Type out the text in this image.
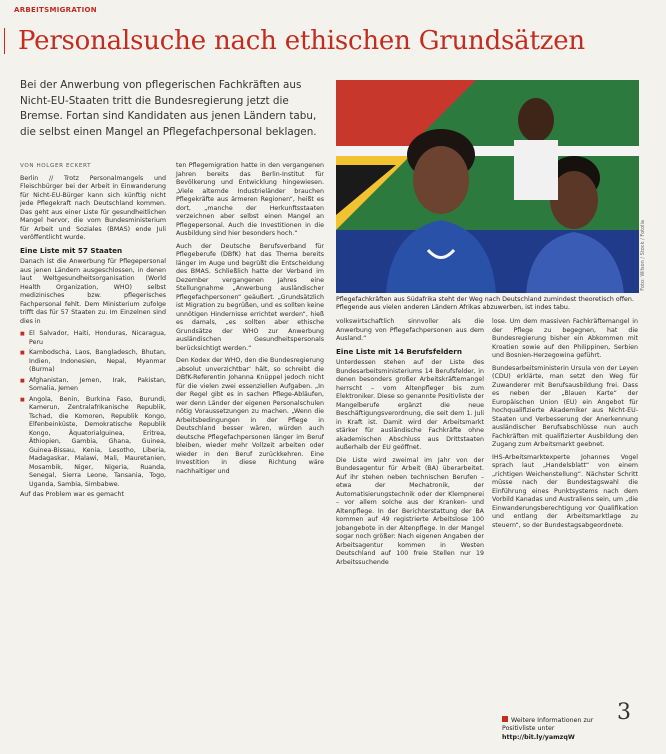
ARBEITSMIGRATION
Personalsuche nach ethischen Grundsätzen
Bei der Anwerbung von pflegerischen Fachkräften aus Nicht-EU-Staaten tritt die Bundesregierung jetzt die Bremse. Fortan sind Kandidaten aus jenen Ländern tabu, die selbst einen Mangel an Pflegefachpersonal beklagen.
Foto: Wilson / Stock / Fotolia
Pflegefachkräften aus Südafrika steht der Weg nach Deutschland zumindest theoretisch offen. Pflegende aus vielen anderen Ländern Afrikas abzuwerben, ist indes tabu.
VON HOLGER ECKERT

Berlin // Trotz Personalmangels und Fleischbürger bei der Arbeit in Einwanderung für Nicht-EU-Bürger kann sich künftig nicht jede Pflegekraft nach Deutschland kommen. Das geht aus einer Liste für gesundheitlichen Mangel hervor, die vom Bundesministerium für Arbeit und Soziales (BMAS) ende Juli veröffentlicht wurde.

Eine Liste mit 57 Staaten

Danach ist die Anwerbung für Pflegepersonal aus jenen Ländern ausgeschlossen, in denen laut Weltgesundheitsorganisation (World Health Organization, WHO) selbst medizinisches bzw. pflegerisches Fachpersonal fehlt. Dem Ministerium zufolge trifft das für 57 Staaten zu. Im Einzelnen sind dies in

■ El Salvador, Haiti, Honduras, Nicaragua, Peru
■ Kambodscha, Laos, Bangladesch, Bhutan, Indien, Indonesien, Nepal, Myanmar (Burma)
■ Afghanistan, Jemen, Irak, Pakistan, Somalia, Jemen
■ Angola, Benin, Burkina Faso, Burundi, Kamerun, Zentralafrikanische Republik, Tschad, die Komoren, Republik Kongo, Elfenbeinküste, Demokratische Republik Kongo, Äquatorialguinea, Eritrea, Äthiopien, Gambia, Ghana, Guinea, Guinea-Bissau, Kenia, Lesotho, Liberia, Madagaskar, Malawi, Mali, Mauretanien, Mosambik, Niger, Nigeria, Ruanda, Senegal, Sierra Leone, Tansania, Togo, Uganda, Sambia, Simbabwe.

Auf das Problem war es gemacht

ten Pflegemigration hatte in den vergangenen Jahren bereits das Berlin-Institut für Bevölkerung und Entwicklung hingewiesen. „Viele alternde Industrieländer brauchen Pflegekräfte aus ärmeren Regionen“, heißt es dort, „manche der Herkunftsstaaten verzeichnen aber selbst einen Mangel an Pflegepersonal. Auch die Investitionen in die Ausbildung sind hier besonders hoch.“

Auch der Deutsche Berufsverband für Pflegeberufe (DBfK) hat das Thema bereits länger im Auge und begrüßt die Entscheidung des BMAS. Schließlich hatte der Verband im Dezember vergangenen Jahres eine Stellungnahme „Anwerbung ausländischer Pflegefachpersonen“ geäußert. „Grundsätzlich ist Migration zu begrüßen, und es sollten keine unnötigen Hindernisse errichtet werden“, hieß es damals, „es sollten aber ethische Grundsätze der WHO zur Anwerbung ausländischen Gesundheitspersonals berücksichtigt werden.“

Den Kodex der WHO, den die Bundesregierung ‚absolut unverzichtbar‘ hält, so schreibt die DBfK-Referentin Johanna Knüppel jedoch nicht für die vielen zwei essenziellen Aufgaben. „In der Regel gibt es in sachen Pflege-Abläufen, wer denn Länder der eigenen Personalschulen nötig Voraussetzungen zu machen. „Wenn die Arbeitsbedingungen in der Pflege in Deutschland besser wären, würden auch deutsche Pflegefachpersonen länger im Beruf bleiben, wieder mehr Vollzeit arbeiten oder wieder in den Beruf zurückkehren. Eine Investition in diese Richtung wäre nachhaltiger und

volkswirtschaftlich sinnvoller als die Anwerbung von Pflegefachpersonen aus dem Ausland.“

Eine Liste mit 14 Berufsfeldern

Unterdessen stehen auf der Liste des Bundesarbeitsministeriums 14 Berufsfelder, in denen besonders großer Arbeitskräftemangel herrscht – vom Altenpfleger bis zum Elektroniker. Diese so genannte Positivliste der Mangelberufe ergänzt die neue Beschäftigungsverordnung, die seit dem 1. Juli in Kraft ist. Damit wird der Arbeitsmarkt stärker für ausländische Fachkräfte ohne akademischen Abschluss aus Drittstaaten außerhalb der EU geöffnet.

Die Liste wird zweimal im Jahr von der Bundesagentur für Arbeit (BA) überarbeitet. Auf ihr stehen neben technischen Berufen – etwa der Mechatronik, der Automatisierungstechnik oder der Klempnerei – vor allem solche aus der Kranken- und Altenpflege. In der Berichterstattung der BA kommen auf 49 registrierte Arbeitslose 100 Jobangebote in der Altenpflege. In der Mangel sogar noch größer: Nach eigenen Angaben der Arbeitsagentur kommen in Westen Deutschland auf 100 freie Stellen nur 19 Arbeitssuchende

lose. Um dem massiven Fachkräftemangel in der Pflege zu begegnen, hat die Bundesregierung bisher ein Abkommen mit Kroatien sowie auf den Philippinen, Serbien und Bosnien-Herzegowina geführt.

Bundesarbeitsministerin Ursula von der Leyen (CDU) erklärte, man setzt den Weg für Zuwanderer mit Berufsausbildung frei. Dass es neben der „Blauen Karte“ der Europäischen Union (EU) ein Angebot für hochqualifizierte Akademiker aus Nicht-EU-Staaten und Verbesserung der Anerkennung ausländischer Berufsabschlüsse nun auch Fachkräften mit qualifizierter Ausbildung den Zugang zum Arbeitsmarkt geebnet.

IHS-Arbeitsmarktexperte Johannes Vogel sprach laut „Handelsblatt“ von einem „richtigen Weichenstellung“. Nächster Schritt müsse nach der Bundestagswahl die Einführung eines Punktsystems nach dem Vorbild Kanadas und Australiens sein, um „die Einwanderungsberechtigung vor Qualifikation und entlang der Arbeitsmarktlage zu steuern“, so der Bundestagsabgeordnete.

Weitere Informationen zur Positivliste unter
http://bit.ly/yamzqW
3
